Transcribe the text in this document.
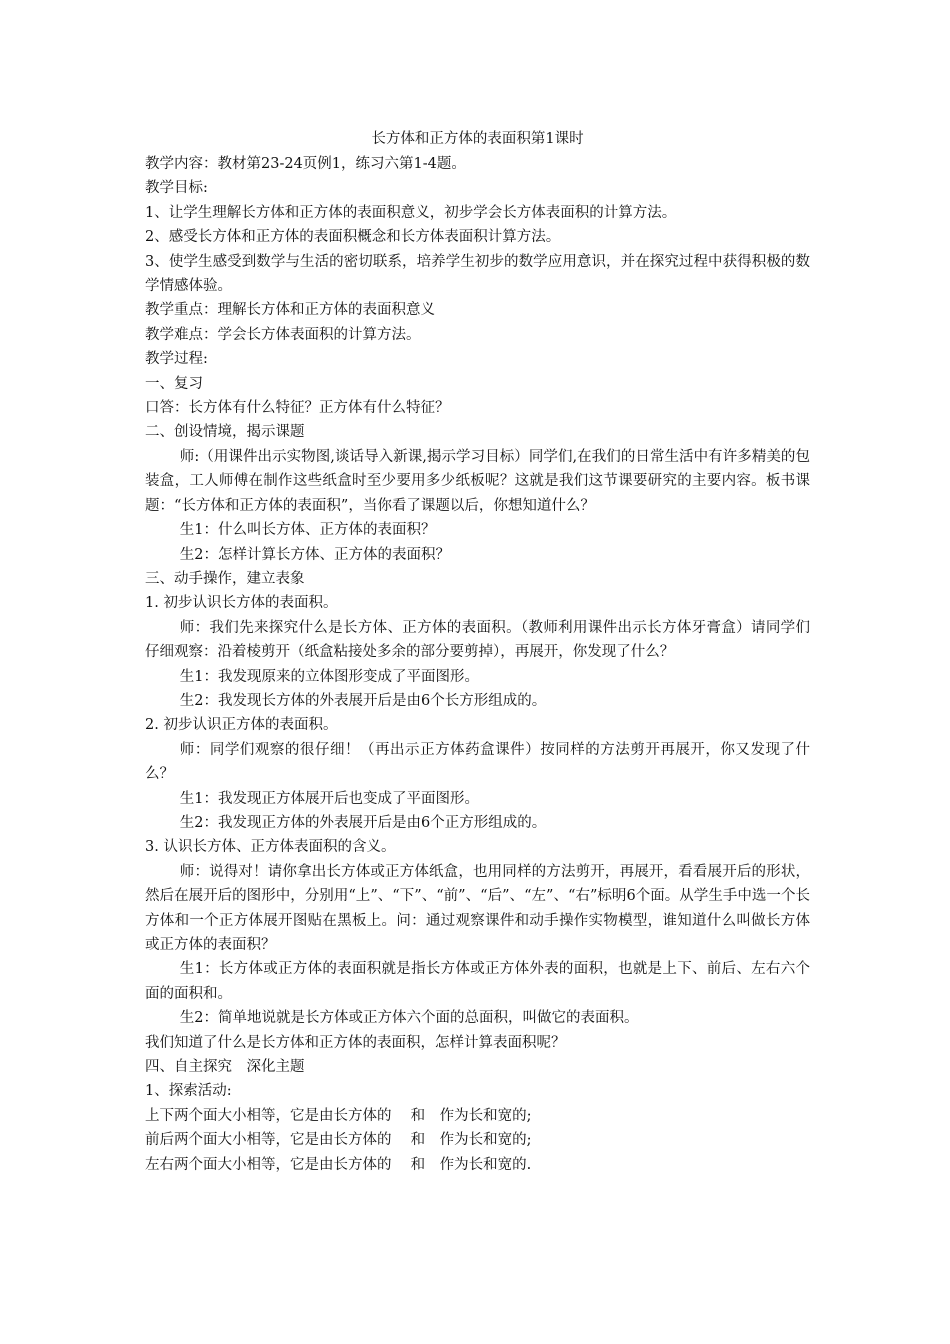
长方体和正方体的表面积第1课时

教学内容：教材第23-24页例1，练习六第1-4题。

教学目标:

1、让学生理解长方体和正方体的表面积意义，初步学会长方体表面积的计算方法。

2、感受长方体和正方体的表面积概念和长方体表面积计算方法。

3、使学生感受到数学与生活的密切联系，培养学生初步的数学应用意识，并在探究过程中获得积极的数学情感体验。

教学重点：理解长方体和正方体的表面积意义

教学难点：学会长方体表面积的计算方法。

教学过程:

一、复习

口答：长方体有什么特征？正方体有什么特征？

二、创设情境，揭示课题

师:（用课件出示实物图,谈话导入新课,揭示学习目标）同学们,在我们的日常生活中有许多精美的包装盒，工人师傅在制作这些纸盒时至少要用多少纸板呢？这就是我们这节课要研究的主要内容。板书课题：“长方体和正方体的表面积”，当你看了课题以后，你想知道什么？

生1：什么叫长方体、正方体的表面积？

生2：怎样计算长方体、正方体的表面积？

三、动手操作，建立表象

1. 初步认识长方体的表面积。

师：我们先来探究什么是长方体、正方体的表面积。（教师利用课件出示长方体牙膏盒）请同学们仔细观察：沿着棱剪开（纸盒粘接处多余的部分要剪掉），再展开，你发现了什么？

生1：我发现原来的立体图形变成了平面图形。

生2：我发现长方体的外表展开后是由6个长方形组成的。

2. 初步认识正方体的表面积。

师：同学们观察的很仔细！（再出示正方体药盒课件）按同样的方法剪开再展开，你又发现了什么？

生1：我发现正方体展开后也变成了平面图形。

生2：我发现正方体的外表展开后是由6个正方形组成的。

3. 认识长方体、正方体表面积的含义。

师：说得对！请你拿出长方体或正方体纸盒，也用同样的方法剪开，再展开，看看展开后的形状，然后在展开后的图形中，分别用“上”、“下”、“前”、“后”、“左”、“右”标明6个面。从学生手中选一个长方体和一个正方体展开图贴在黑板上。问：通过观察课件和动手操作实物模型，谁知道什么叫做长方体或正方体的表面积？

生1：长方体或正方体的表面积就是指长方体或正方体外表的面积，也就是上下、前后、左右六个面的面积和。

生2：简单地说就是长方体或正方体六个面的总面积，叫做它的表面积。

我们知道了什么是长方体和正方体的表面积，怎样计算表面积呢？

四、自主探究　深化主题

1、探索活动:

上下两个面大小相等，它是由长方体的　 和　作为长和宽的;

前后两个面大小相等，它是由长方体的　 和　作为长和宽的;

左右两个面大小相等，它是由长方体的　 和　作为长和宽的.
